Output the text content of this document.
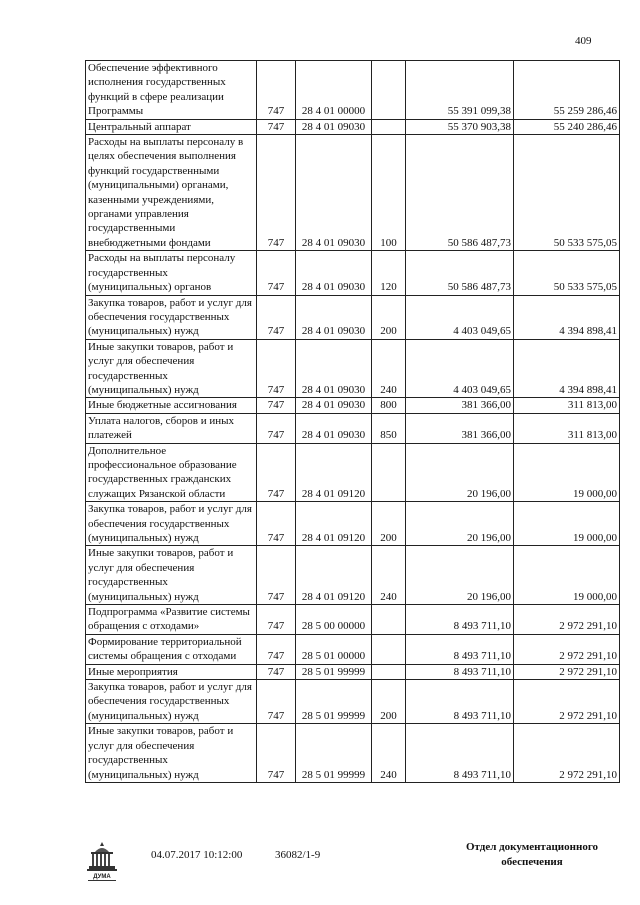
409
Обеспечение эффективного исполнения государственных функций в сфере реализации Программы	747	28 4 01 00000		55 391 099,38	55 259 286,46
Центральный аппарат	747	28 4 01 09030		55 370 903,38	55 240 286,46
Расходы на выплаты персоналу в целях обеспечения выполнения функций государственными (муниципальными) органами, казенными учреждениями, органами управления государственными внебюджетными фондами	747	28 4 01 09030	100	50 586 487,73	50 533 575,05
Расходы на выплаты персоналу государственных (муниципальных) органов	747	28 4 01 09030	120	50 586 487,73	50 533 575,05
Закупка товаров, работ и услуг для обеспечения государственных (муниципальных) нужд	747	28 4 01 09030	200	4 403 049,65	4 394 898,41
Иные закупки товаров, работ и услуг для обеспечения государственных (муниципальных) нужд	747	28 4 01 09030	240	4 403 049,65	4 394 898,41
Иные бюджетные ассигнования	747	28 4 01 09030	800	381 366,00	311 813,00
Уплата налогов, сборов и иных платежей	747	28 4 01 09030	850	381 366,00	311 813,00
Дополнительное профессиональное образование государственных гражданских служащих Рязанской области	747	28 4 01 09120		20 196,00	19 000,00
Закупка товаров, работ и услуг для обеспечения государственных (муниципальных) нужд	747	28 4 01 09120	200	20 196,00	19 000,00
Иные закупки товаров, работ и услуг для обеспечения государственных (муниципальных) нужд	747	28 4 01 09120	240	20 196,00	19 000,00
Подпрограмма «Развитие системы обращения с отходами»	747	28 5 00 00000		8 493 711,10	2 972 291,10
Формирование территориальной системы обращения с отходами	747	28 5 01 00000		8 493 711,10	2 972 291,10
Иные мероприятия	747	28 5 01 99999		8 493 711,10	2 972 291,10
Закупка товаров, работ и услуг для обеспечения государственных (муниципальных) нужд	747	28 5 01 99999	200	8 493 711,10	2 972 291,10
Иные закупки товаров, работ и услуг для обеспечения государственных (муниципальных) нужд	747	28 5 01 99999	240	8 493 711,10	2 972 291,10
ДУМА
04.07.2017 10:12:00	36082/1-9
Отдел документационного обеспечения
